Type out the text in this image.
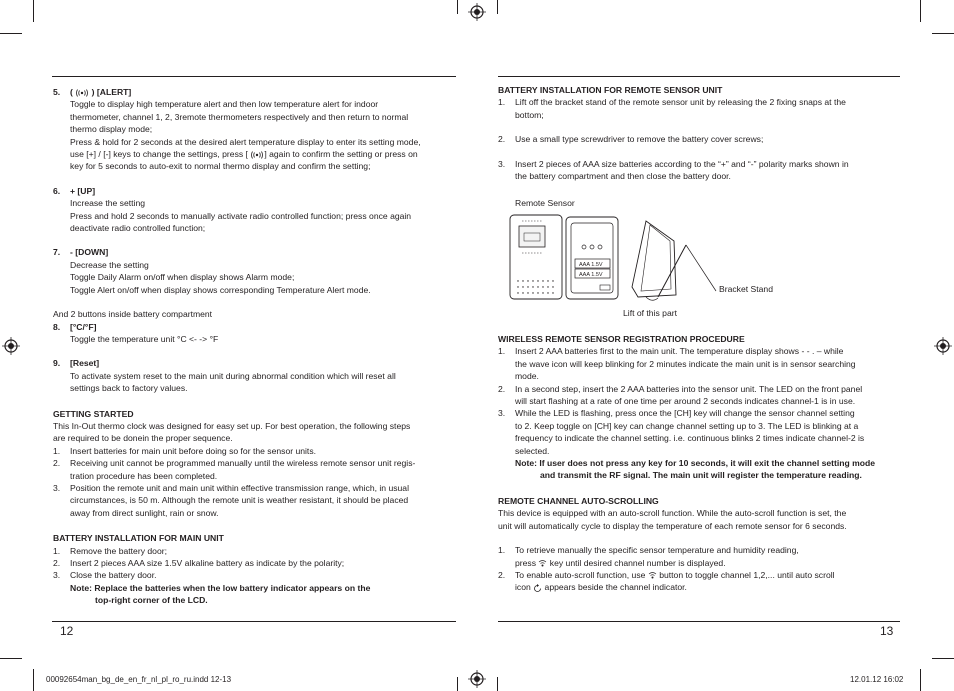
12	13

5.	(  ) [ALERT]

Toggle to display high temperature alert and then low temperature alert for indoor

thermometer, channel 1, 2, 3remote thermometers respectively and then return to normal

thermo display mode;

Press & hold for 2 seconds at the desired alert temperature display to enter its setting mode,

use [+] / [-] keys to change the settings, press [ ] again to confirm the setting or press on

key for 5 seconds to auto-exit to normal thermo display and confirm the setting;

6.	+ [UP]

Increase the setting

Press and hold 2 seconds to manually activate radio controlled function; press once again

deactivate radio controlled function;

7.	- [DOWN]

Decrease the setting

Toggle Daily Alarm on/off when display shows Alarm mode;

Toggle Alert on/off when display shows corresponding Temperature Alert mode.

And 2 buttons inside battery compartment

8.	[°C/°F]

Toggle the temperature unit °C <- -> °F

9.	[Reset]

To activate system reset to the main unit during abnormal condition which will reset all

settings back to factory values.

GETTING STARTED

This In-Out thermo clock was designed for easy set up. For best operation, the following steps

are required to be donein the proper sequence.

1.	Insert batteries for main unit before doing so for the sensor units.

2.	Receiving unit cannot be programmed manually until the wireless remote sensor unit regis-

tration procedure has been completed.

3.	Position the remote unit and main unit within effective transmission range, which, in usual

circumstances, is 50 m. Although the remote unit is weather resistant, it should be placed

away from direct sunlight, rain or snow.

BATTERY INSTALLATION FOR MAIN UNIT

1.	Remove the battery door;

2.	Insert 2 pieces AAA size 1.5V alkaline battery as indicate by the polarity;

3.	Close the battery door.

Note: Replace the batteries when the low battery indicator appears on the

top-right corner of the LCD.

BATTERY INSTALLATION FOR REMOTE SENSOR UNIT

1.	Lift off the bracket stand of the remote sensor unit by releasing the 2 fixing snaps at the

bottom;

2.	Use a small type screwdriver to remove the battery cover screws;

3.	Insert 2 pieces of AAA size batteries according to the “+” and “-” polarity marks shown in

the battery compartment and then close the battery door.

Remote Sensor
AAA 1.5V
AAA 1.5V
Bracket Stand
Lift of this part

WIRELESS REMOTE SENSOR REGISTRATION PROCEDURE

1.	Insert 2 AAA batteries first to the main unit. The temperature display shows - - . – while

the wave icon will keep blinking for 2 minutes indicate the main unit is in sensor searching

mode.

2.	In a second step, insert the 2 AAA batteries into the sensor unit. The LED on the front panel

will start flashing at a rate of one time per around 2 seconds indicates channel-1 is in use.

3.	While the LED is flashing, press once the [CH] key will change the sensor channel setting

to 2. Keep toggle on [CH] key can change channel setting up to 3. The LED is blinking at a

frequency to indicate the channel setting. i.e. continuous blinks 2 times indicate channel-2 is

selected.

Note: If user does not press any key for 10 seconds, it will exit the channel setting mode

and transmit the RF signal. The main unit will register the temperature reading.

REMOTE CHANNEL AUTO-SCROLLING

This device is equipped with an auto-scroll function. While the auto-scroll function is set, the

unit will automatically cycle to display the temperature of each remote sensor for 6 seconds.

1.	To retrieve manually the specific sensor temperature and humidity reading,

press key until desired channel number is displayed.

2.	To enable auto-scroll function, use button to toggle channel 1,2,... until auto scroll

icon appears beside the channel indicator.

00092654man_bg_de_en_fr_nl_pl_ro_ru.indd 12-13	12.01.12 16:02
